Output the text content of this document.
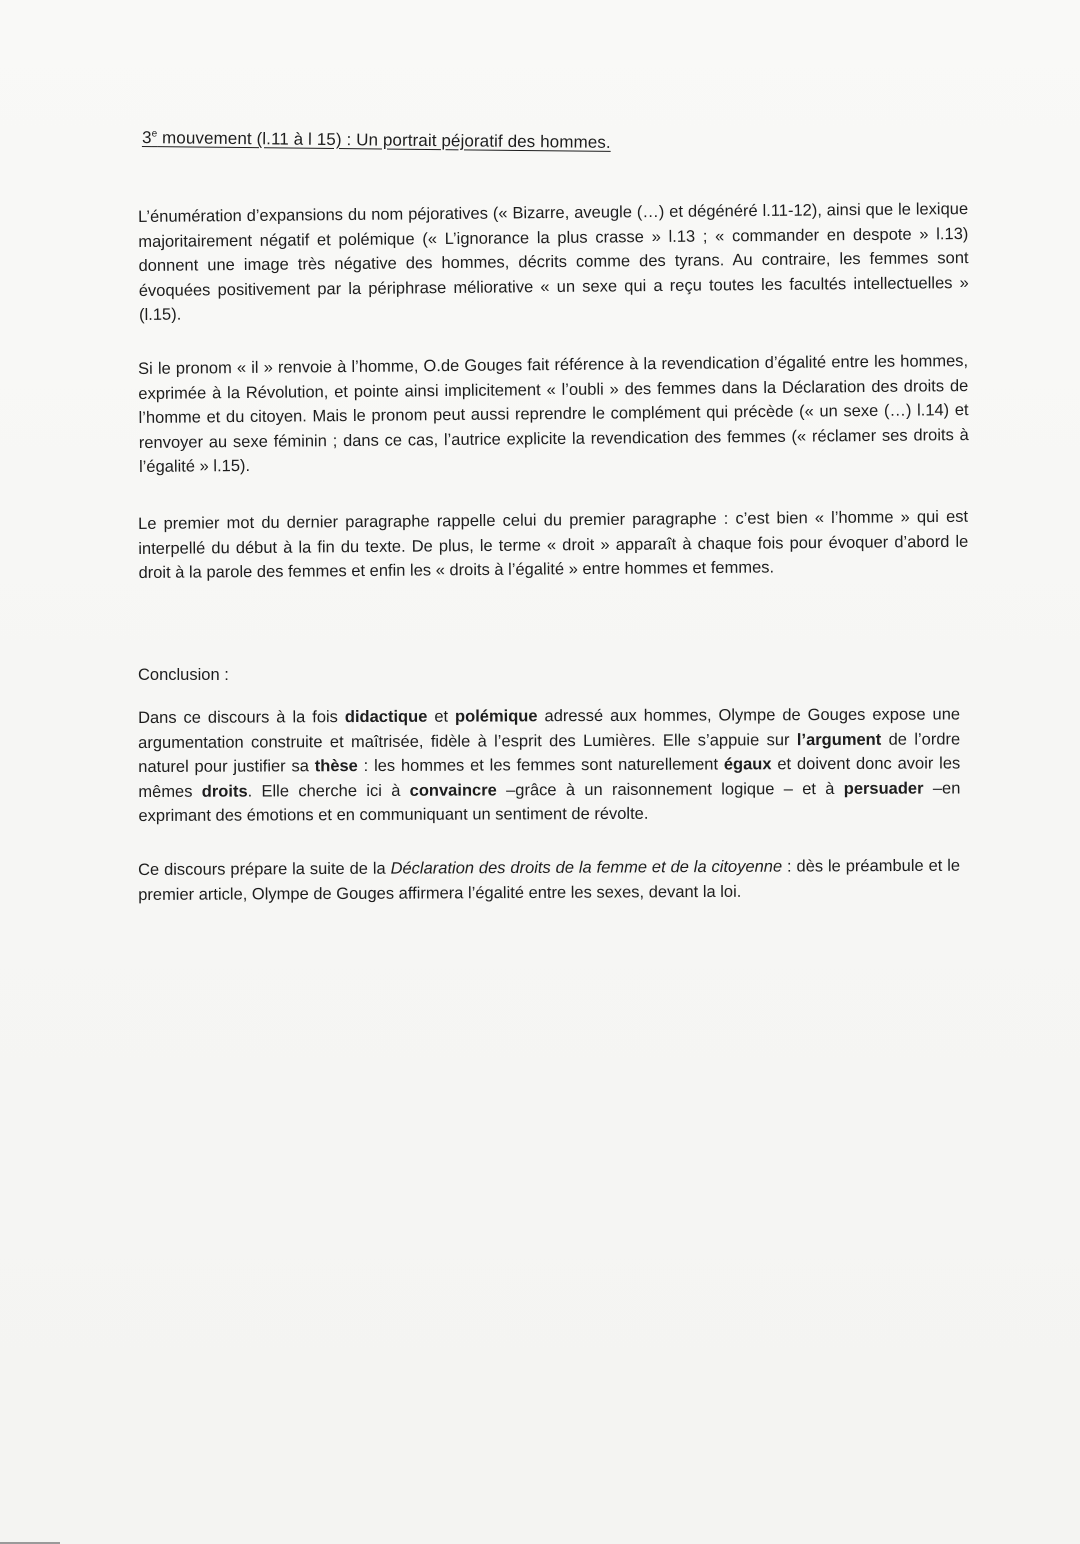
3e mouvement (l.11 à l 15) : Un portrait péjoratif des hommes.

L’énumération d’expansions du nom péjoratives (« Bizarre, aveugle (…) et dégénéré l.11-12), ainsi que le lexique majoritairement négatif et polémique (« L’ignorance la plus crasse » l.13 ; « commander en despote » l.13) donnent une image très négative des hommes, décrits comme des tyrans. Au contraire, les femmes sont évoquées positivement par la périphrase méliorative « un sexe qui a reçu toutes les facultés intellectuelles » (l.15).

Si le pronom « il » renvoie à l’homme, O.de Gouges fait référence à la revendication d’égalité entre les hommes, exprimée à la Révolution, et pointe ainsi implicitement « l’oubli » des femmes dans la Déclaration des droits de l’homme et du citoyen. Mais le pronom peut aussi reprendre le complément qui précède (« un sexe (…) l.14) et renvoyer au sexe féminin ; dans ce cas, l’autrice explicite la revendication des femmes (« réclamer ses droits à l’égalité » l.15).

Le premier mot du dernier paragraphe rappelle celui du premier paragraphe : c’est bien « l’homme » qui est interpellé du début à la fin du texte. De plus, le terme « droit » apparaît à chaque fois pour évoquer d’abord le droit à la parole des femmes et enfin les « droits à l’égalité » entre hommes et femmes.

Conclusion :

Dans ce discours à la fois didactique et polémique adressé aux hommes, Olympe de Gouges expose une argumentation construite et maîtrisée, fidèle à l’esprit des Lumières. Elle s’appuie sur l’argument de l’ordre naturel pour justifier sa thèse : les hommes et les femmes sont naturellement égaux et doivent donc avoir les mêmes droits. Elle cherche ici à convaincre –grâce à un raisonnement logique – et à persuader –en exprimant des émotions et en communiquant un sentiment de révolte.

Ce discours prépare la suite de la Déclaration des droits de la femme et de la citoyenne : dès le préambule et le premier article, Olympe de Gouges affirmera l’égalité entre les sexes, devant la loi.
